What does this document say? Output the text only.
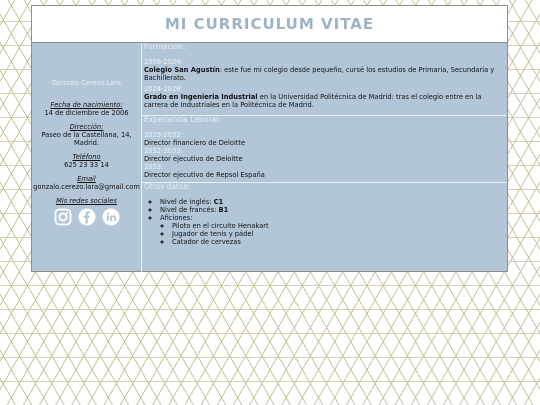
MI CURRICULUM VITAE
Gonzalo Cerezo Lara
Fecha de nacimiento:
14 de diciembre de 2006
Dirección:
Paseo de la Castellana, 14, Madrid.
Teléfono
625 23 33 14
Email
gonzalo.cerezo.lara@gmail.com
Mis redes sociales
Formacion:
2008-2024:
Colegio San Agustín: este fue mi colegio desde pequeño, cursé los estudios de Primaria, Secundaria y Bachillerato.
2024-2028:
Grado en Ingenieria Industrial en la Universidad Politécnica de Madrid: tras el colegio entre en la carrera de Industriales en la Politécnica de Madrid.
Experiencia Laboral:
2029-2032:
Director financiero de Deloitte
2032-2033:
Director ejecutivo de Deloitte
2033:
Director ejecutivo de Repsol España
Otros datos:
◦ Nivel de inglés: C1
◦ Nivel de francés: B1
◦ Aficiones:
◦ Piloto en el circuito Henakart
◦ Jugador de tenis y pádel
◦ Catador de cervezas
